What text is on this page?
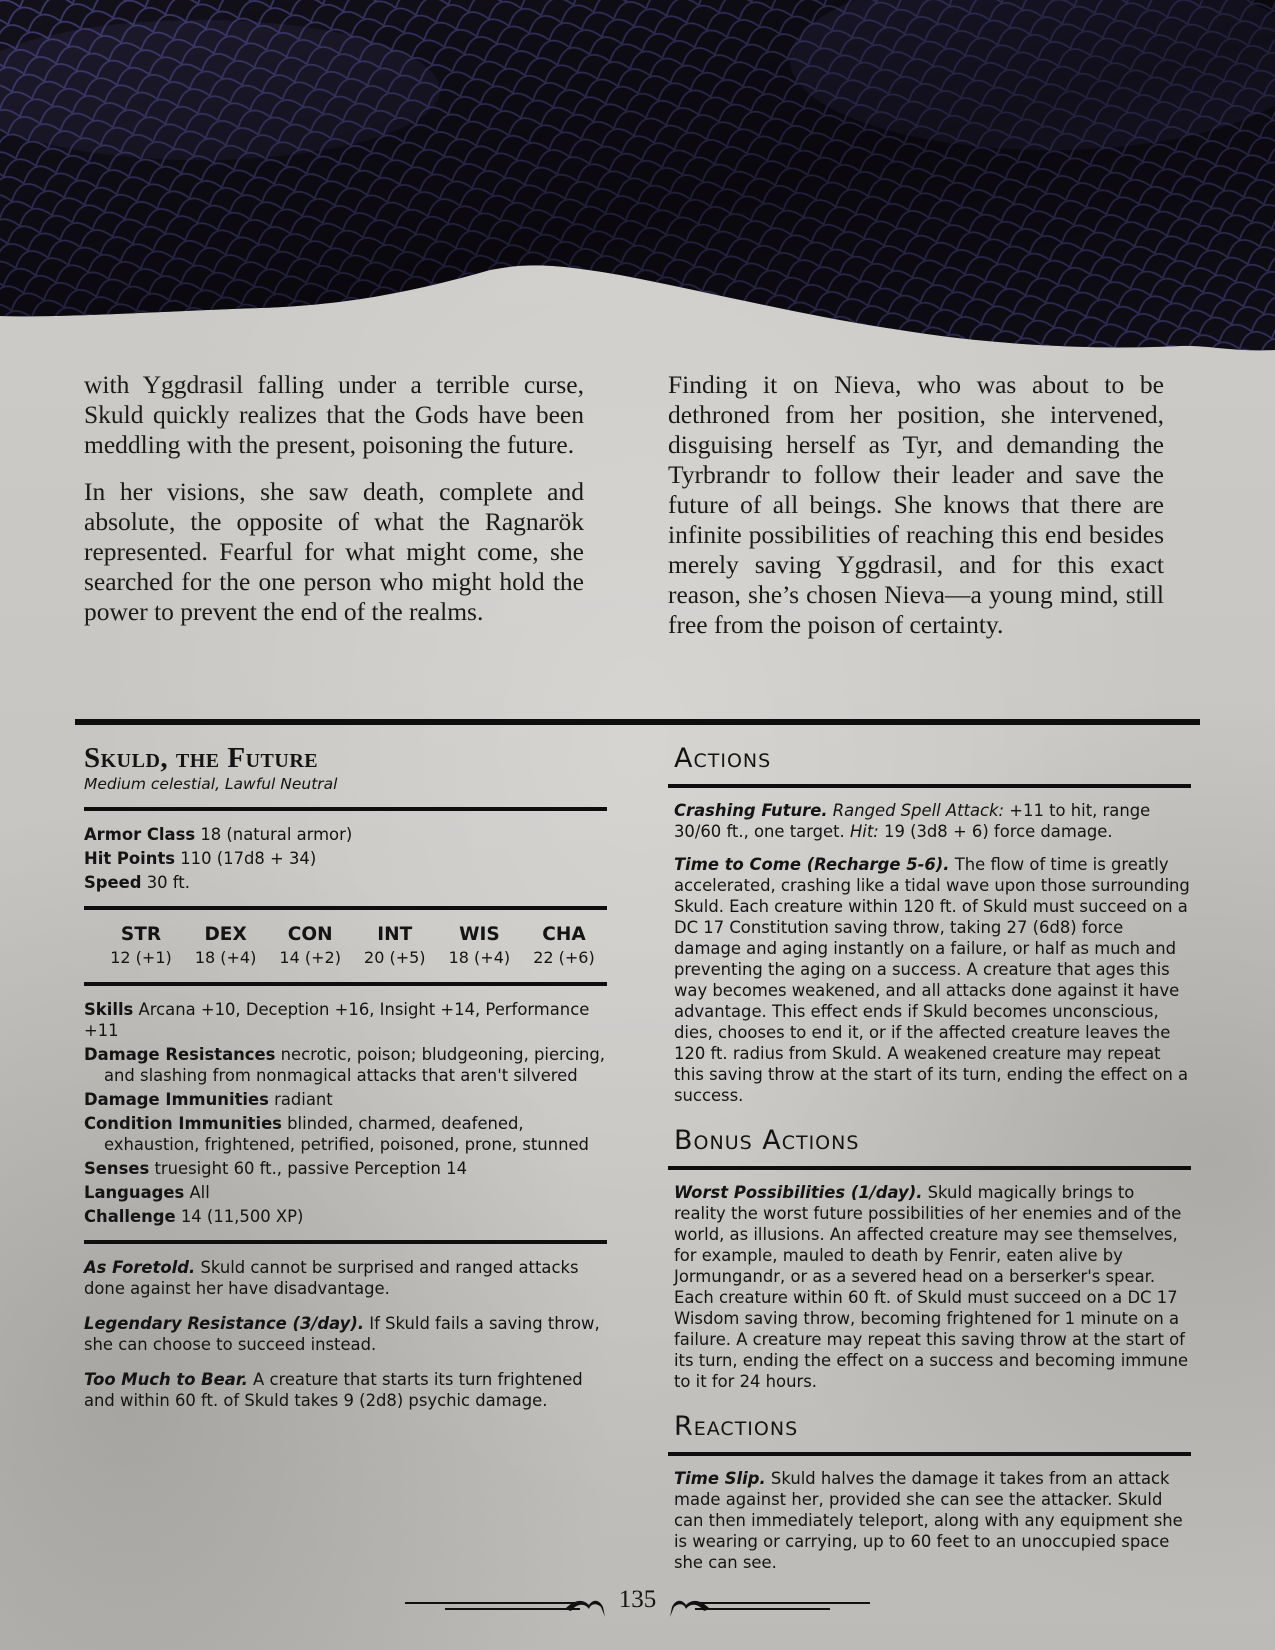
with Yggdrasil falling under a terrible curse, Skuld quickly realizes that the Gods have been meddling with the present, poisoning the future.

In her visions, she saw death, complete and absolute, the opposite of what the Ragnarök represented. Fearful for what might come, she searched for the one person who might hold the power to prevent the end of the realms.

Finding it on Nieva, who was about to be dethroned from her position, she intervened, disguising herself as Tyr, and demanding the Tyrbrandr to follow their leader and save the future of all beings. She knows that there are infinite possibilities of reaching this end besides merely saving Yggdrasil, and for this exact reason, she’s chosen Nieva—a young mind, still free from the poison of certainty.

Skuld, the Future
Medium celestial, Lawful Neutral
Armor Class 18 (natural armor)
Hit Points 110 (17d8 + 34)
Speed 30 ft.
STR
12 (+1)
DEX
18 (+4)
CON
14 (+2)
INT
20 (+5)
WIS
18 (+4)
CHA
22 (+6)
Skills Arcana +10, Deception +16, Insight +14, Performance +11
Damage Resistances necrotic, poison; bludgeoning, piercing, and slashing from nonmagical attacks that aren't silvered
Damage Immunities radiant
Condition Immunities blinded, charmed, deafened, exhaustion, frightened, petrified, poisoned, prone, stunned
Senses truesight 60 ft., passive Perception 14
Languages All
Challenge 14 (11,500 XP)
As Foretold. Skuld cannot be surprised and ranged attacks done against her have disadvantage.
Legendary Resistance (3/day). If Skuld fails a saving throw, she can choose to succeed instead.
Too Much to Bear. A creature that starts its turn frightened and within 60 ft. of Skuld takes 9 (2d8) psychic damage.
Actions
Crashing Future. Ranged Spell Attack: +11 to hit, range 30/60 ft., one target. Hit: 19 (3d8 + 6) force damage.
Time to Come (Recharge 5-6). The flow of time is greatly accelerated, crashing like a tidal wave upon those surrounding Skuld. Each creature within 120 ft. of Skuld must succeed on a DC 17 Constitution saving throw, taking 27 (6d8) force damage and aging instantly on a failure, or half as much and preventing the aging on a success. A creature that ages this way becomes weakened, and all attacks done against it have advantage. This effect ends if Skuld becomes unconscious, dies, chooses to end it, or if the affected creature leaves the 120 ft. radius from Skuld. A weakened creature may repeat this saving throw at the start of its turn, ending the effect on a success.
Bonus Actions
Worst Possibilities (1/day). Skuld magically brings to reality the worst future possibilities of her enemies and of the world, as illusions. An affected creature may see themselves, for example, mauled to death by Fenrir, eaten alive by Jormungandr, or as a severed head on a berserker's spear. Each creature within 60 ft. of Skuld must succeed on a DC 17 Wisdom saving throw, becoming frightened for 1 minute on a failure. A creature may repeat this saving throw at the start of its turn, ending the effect on a success and becoming immune to it for 24 hours.
Reactions
Time Slip. Skuld halves the damage it takes from an attack made against her, provided she can see the attacker. Skuld can then immediately teleport, along with any equipment she is wearing or carrying, up to 60 feet to an unoccupied space she can see.
135
